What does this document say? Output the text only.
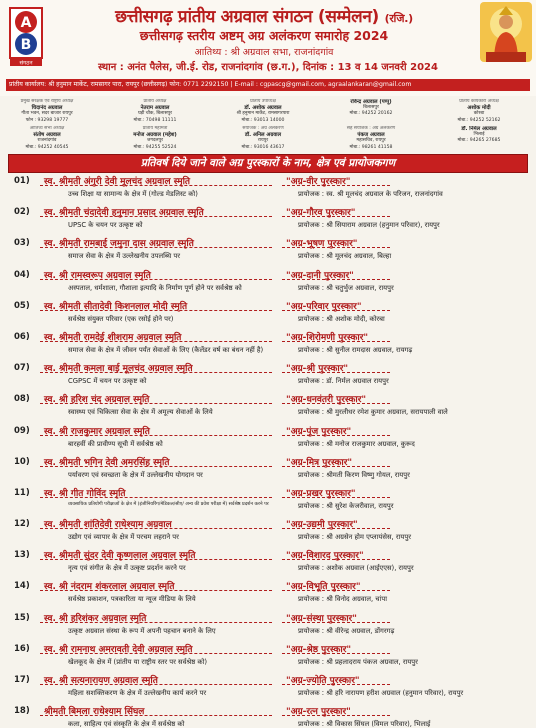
A
B
संगठन
छत्तीसगढ़ प्रांतीय अग्रवाल संगठन (सम्मेलन) (रजि.)
छत्तीसगढ़ स्तरीय अष्टम् अग्र अलंकरण समारोह 2024
आतिथ्य : श्री अग्रवाल सभा, राजनांदगांव
स्थान : अनंत पैलेस, जी.ई. रोड, राजनांदगांव (छ.ग.), दिनांक : 13 व 14 जनवरी 2024
प्रांतीय कार्यालय: श्री हनुमान मार्केट, रामसागर पारा, रायपुर (छत्तीसगढ़) फोन: 0771 2292150 | E-mail : cgpascg@gmail.com, agraalankaran@gmail.com
प्रमुख संरक्षक एवं राष्ट्रीय अध्यक्ष
चिदानंद अग्रवाल
गीता भवन, सदर बाजार रायपुर
फोन : 93298 19777
प्रांतीय अध्यक्ष
नेतराम अग्रवाल
घड़ी चौक, बिलासपुर
मोबा.: 70498 11111
प्रांतीय उपाध्यक्ष
डॉ. अशोक अग्रवाल
श्री हनुमान मार्केट, रामसागरपारा
मोबा.: 93013 14000
रविन्द्र अग्रवाल (पप्पू)
बिलासपुर
मोबा.: 94252 20162
प्रांतीय कार्यकारी अध्यक्ष
अशोक मोदी
कोरबा
मोबा.: 94252 52162
आतिथ्य सभा अध्यक्ष
संतोष अग्रवाल
राजनांदगांव
मोबा.: 94252 40545
प्रांतीय महामंत्री
मनोज अग्रवाल (महेश)
जगदलपुर
मोबा.: 94255 52524
संयोजक : अग्र अलंकरण
डॉ. अनिल अग्रवाल
रायपुर
मोबा.: 93016 43617
सह संयोजक : अग्र अलंकरण
पंकज अग्रवाल
महासचिव, रायपुर
मोबा.: 98261 41158
डॉ. निर्मल अग्रवाल
भिलाई
मोबा.: 94265 27685
प्रतिवर्ष दिये जाने वाले अग्र पुरस्कारों के नाम, क्षेत्र एवं प्रायोजकगण
01) स्व. श्रीमती अंगुरी देवी मूलचंद अग्रवाल स्मृति	"अग्र-वीर पुरस्कार"
उच्च शिक्षा या सामान्य के क्षेत्र में (गोल्ड मेडलिस्ट को)	प्रायोजक : स्व. श्री मूलचंद अग्रवाल के परिजन, राजनांदगांव
02) स्व. श्रीमती चंदादेवी हनुमान प्रसाद अग्रवाल स्मृति	"अग्र-गौरव पुरस्कार"
UPSC के चयन पर उत्कृष्ट को	प्रायोजक : श्री सियाराम अग्रवाल (हनुमान परिवार), रायपुर
03) स्व. श्रीमती रामबाई जमुना दास अग्रवाल स्मृति	"अग्र-भूषण पुरस्कार"
समाज सेवा के क्षेत्र में उल्लेखनीय उपलब्धि पर	प्रायोजक : श्री मूलचंद अग्रवाल, बिल्हा
04) स्व. श्री रामस्वरूप अग्रवाल स्मृति	"अग्र-दानी पुरस्कार"
अस्पताल, धर्मशाला, गौशाला इत्यादि के निर्माण पूर्ण होने पर सर्वश्रेष्ठ को	प्रायोजक : श्री चतुर्भुज अग्रवाल, रायपुर
05) स्व. श्रीमती सीतादेवी किशनलाल मोदी स्मृति	"अग्र-परिवार पुरस्कार"
सर्वश्रेष्ठ संयुक्त परिवार (एक रसोई होने पर)	प्रायोजक : श्री अशोक मोदी, कोरबा
06) स्व. श्रीमती रामदेई शीशराम अग्रवाल स्मृति	"अग्र-शिरोमणी पुरस्कार"
समाज सेवा के क्षेत्र में जीवन पर्यंत सेवाओं के लिए (कैलेंडर वर्ष का बंधन नहीं है)	प्रायोजक : श्री सुनील रामदास अग्रवाल, रायगढ़
07) स्व. श्रीमती कमला बाई मूलचंद अग्रवाल स्मृति	"अग्र-श्री पुरस्कार"
CGPSC में चयन पर उत्कृष्ट को	प्रायोजक : डॉ. निर्मल अग्रवाल रायपुर
08) स्व. श्री हरिश चंद अग्रवाल स्मृति	"अग्र-धनवंतरी पुरस्कार"
स्वास्थ्य एवं चिकित्सा सेवा के क्षेत्र में अमूल्य सेवाओं के लिये	प्रायोजक : श्री मुरलीधर रमेश कुमार अग्रवाल, सरायपाली वाले
09) स्व. श्री राजकुमार अग्रवाल स्मृति	"अग्र-पुंज पुरस्कार"
बारहवीं की प्रावीण्य सूची में सर्वश्रेष्ठ को	प्रायोजक : श्री मनोज राजकुमार अग्रवाल, कुरूद
10) स्व. श्रीमती भगिन देवी अमरसिंह स्मृति	"अग्र-मित्र पुरस्कार"
पर्यावरण एवं स्वच्छता के क्षेत्र में उल्लेखनीय योगदान पर	प्रायोजक : श्रीमती किरण विष्णु गोयल, रायपुर
11) स्व. श्री गीत गोविंद स्मृति	"अग्र-प्रखर पुरस्कार"
व्यवसायिक प्रतियोगी परीक्षाओं के क्षेत्र में (इंजीनियरिंग/मेडिकल/सीए/ अन्य की प्रवेश परीक्षा में) सर्वश्रेष्ठ प्रदर्शन करने पर	प्रायोजक : श्री सुरेश केजरीवाल, रायपुर
12) स्व. श्रीमती शांतिदेवी राधेश्याम अग्रवाल	"अग्र-उद्यमी पुरस्कार"
उद्योग एवं व्यापार के क्षेत्र में परचम लहराने पर	प्रायोजक : श्री अग्रसेन होम एप्लायंसेस, रायपुर
13) स्व. श्रीमती सुंदर देवी कृष्णलाल अग्रवाल स्मृति	"अग्र-विशारद पुरस्कार"
नृत्य एवं संगीत के क्षेत्र में उत्कृष्ट प्रदर्शन करने पर	प्रायोजक : अशोक अग्रवाल (आईएएस), रायपुर
14) स्व. श्री नंदराम शंकरलाल अग्रवाल स्मृति	"अग्र-विभूति पुरस्कार"
सर्वश्रेष्ठ प्रकाशन, पत्रकारिता या न्यूज मीडिया के लिये	प्रायोजक : श्री विनोद अग्रवाल, चांपा
15) स्व. श्री हरिशंकर अग्रवाल स्मृति	"अग्र-संस्था पुरस्कार"
उत्कृष्ट अग्रवाल संस्था के रूप में अपनी पहचान बनाने के लिए	प्रायोजक : श्री वीरेन्द्र अग्रवाल, डोंगरगढ़
16) स्व. श्री रामनाथ अमरावती देवी अग्रवाल स्मृति	"अग्र-श्रेष्ठ पुरस्कार"
खेलकूद के क्षेत्र में (प्रांतीय या राष्ट्रीय स्तर पर सर्वश्रेष्ठ को)	प्रायोजक : श्री प्रहलादराय पंकज अग्रवाल, रायपुर
17) स्व. श्री सत्यनारायण अग्रवाल स्मृति	"अग्र-ज्योति पुरस्कार"
महिला सशक्तिकरण के क्षेत्र में उल्लेखनीय कार्य करने पर	प्रायोजक : श्री हरि नारायण हरीश अग्रवाल (हनुमान परिवार), रायपुर
18) श्रीमती बिमला राधेश्याम सिंघल	"अग्र-रत्न पुरस्कार"
कला, साहित्य एवं संस्कृति के क्षेत्र में सर्वश्रेष्ठ को	प्रायोजक : श्री विकास सिंघल (विमल परिवार), भिलाई
